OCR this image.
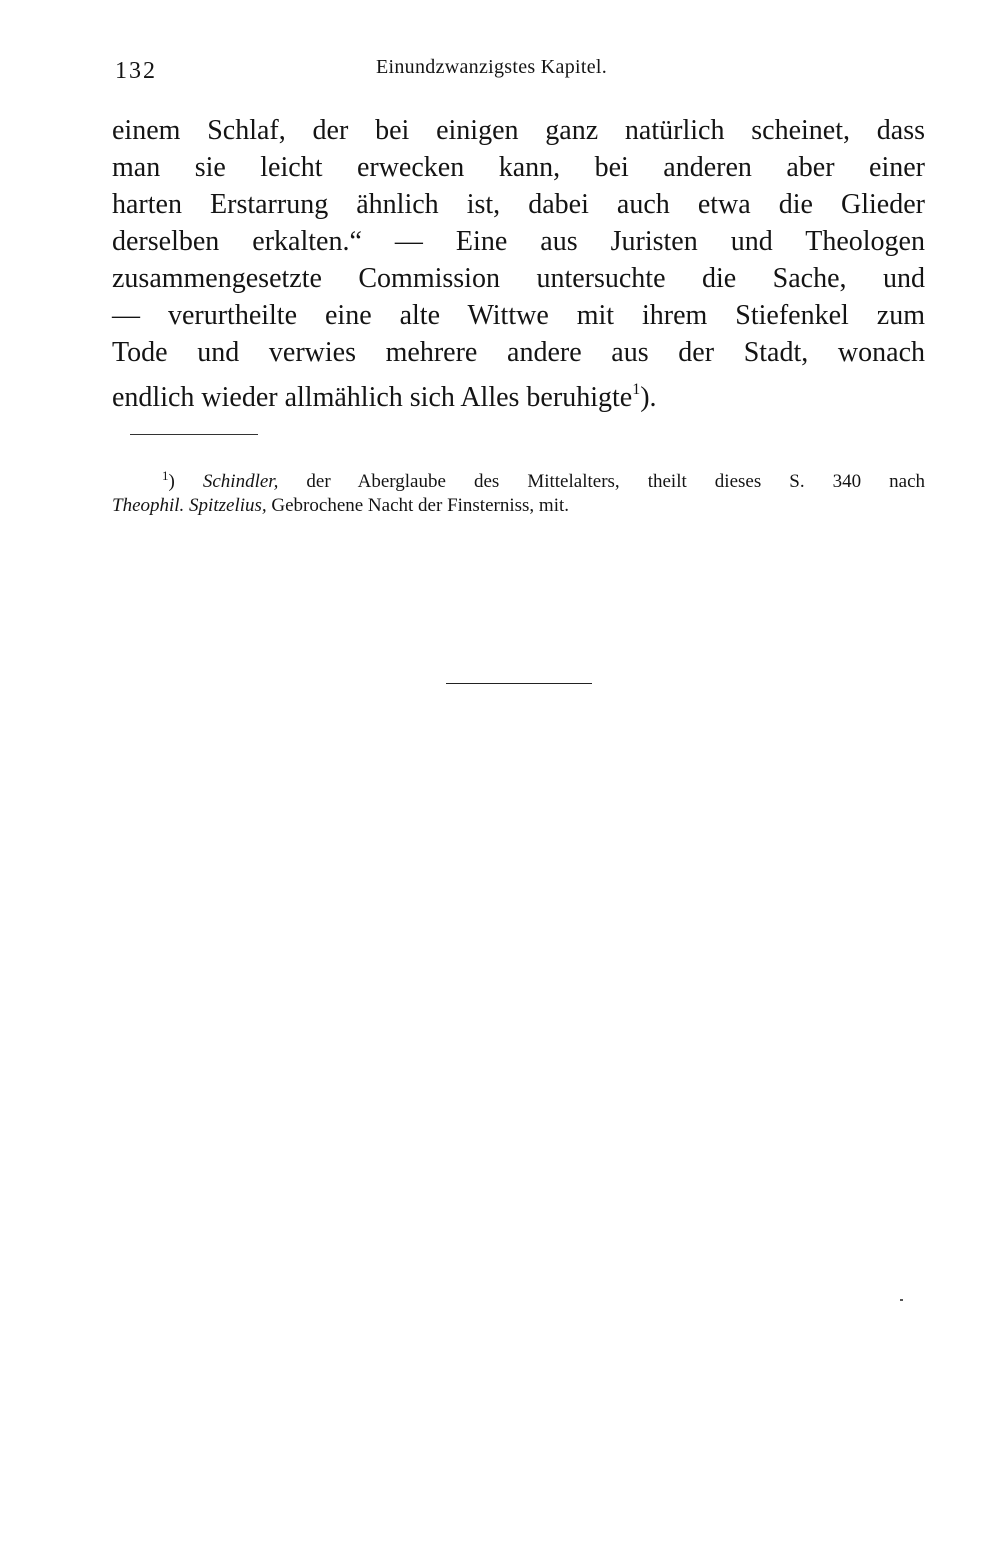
132	Einundzwanzigstes Kapitel.
einem Schlaf, der bei einigen ganz natürlich scheinet, dass
man sie leicht erwecken kann, bei anderen aber einer
harten Erstarrung ähnlich ist, dabei auch etwa die Glieder
derselben erkalten.“ — Eine aus Juristen und Theologen
zusammengesetzte Commission untersuchte die Sache, und
— verurtheilte eine alte Wittwe mit ihrem Stiefenkel zum
Tode und verwies mehrere andere aus der Stadt, wonach
endlich wieder allmählich sich Alles beruhigte$^1$).
$^1$) Schindler, der Aberglaube des Mittelalters, theilt dieses S. 340 nach
Theophil. Spitzelius, Gebrochene Nacht der Finsterniss, mit.
